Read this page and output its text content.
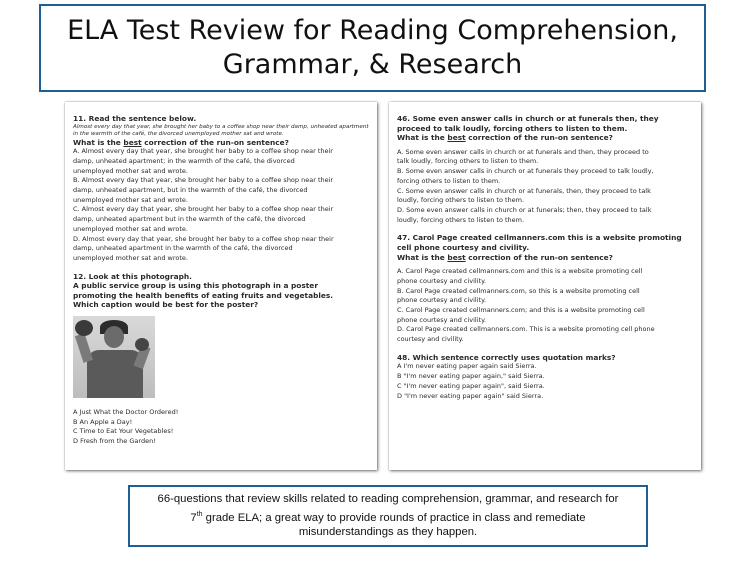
ELA Test Review for Reading Comprehension,
Grammar, & Research
11. Read the sentence below.
Almost every day that year, she brought her baby to a coffee shop near their damp, unheated apartment in the warmth of the café, the divorced unemployed mother sat and wrote.
What is the best correction of the run-on sentence?
A. Almost every day that year, she brought her baby to a coffee shop near their
damp, unheated apartment; in the warmth of the café, the divorced
unemployed mother sat and wrote.
B. Almost every day that year, she brought her baby to a coffee shop near their
damp, unheated apartment, but in the warmth of the café, the divorced
unemployed mother sat and wrote.
C. Almost every day that year, she brought her baby to a coffee shop near their
damp, unheated apartment but in the warmth of the café, the divorced
unemployed mother sat and wrote.
D. Almost every day that year, she brought her baby to a coffee shop near their
damp, unheated apartment in the warmth of the café, the divorced
unemployed mother sat and wrote.
12. Look at this photograph.
A public service group is using this photograph in a poster
promoting the health benefits of eating fruits and vegetables.
Which caption would be best for the poster?
A Just What the Doctor Ordered!
B An Apple a Day!
C Time to Eat Your Vegetables!
D Fresh from the Garden!
46. Some even answer calls in church or at funerals then, they
proceed to talk loudly, forcing others to listen to them.
What is the best correction of the run-on sentence?
A. Some even answer calls in church or at funerals and then, they proceed to
talk loudly, forcing others to listen to them.
B. Some even answer calls in church or at funerals they proceed to talk loudly,
forcing others to listen to them.
C. Some even answer calls in church or at funerals, then, they proceed to talk
loudly, forcing others to listen to them.
D. Some even answer calls in church or at funerals; then, they proceed to talk
loudly, forcing others to listen to them.
47. Carol Page created cellmanners.com this is a website promoting
cell phone courtesy and civility.
What is the best correction of the run-on sentence?
A. Carol Page created cellmanners.com and this is a website promoting cell
phone courtesy and civility.
B. Carol Page created cellmanners.com, so this is a website promoting cell
phone courtesy and civility.
C. Carol Page created cellmanners.com; and this is a website promoting cell
phone courtesy and civility.
D. Carol Page created cellmanners.com. This is a website promoting cell phone
courtesy and civility.
48. Which sentence correctly uses quotation marks?
A I'm never eating paper again said Sierra.
B "I'm never eating paper again," said Sierra.
C "I'm never eating paper again", said Sierra.
D "I'm never eating paper again" said Sierra.
66-questions that review skills related to reading comprehension, grammar, and research for
7th grade ELA; a great way to provide rounds of practice in class and remediate
misunderstandings as they happen.
